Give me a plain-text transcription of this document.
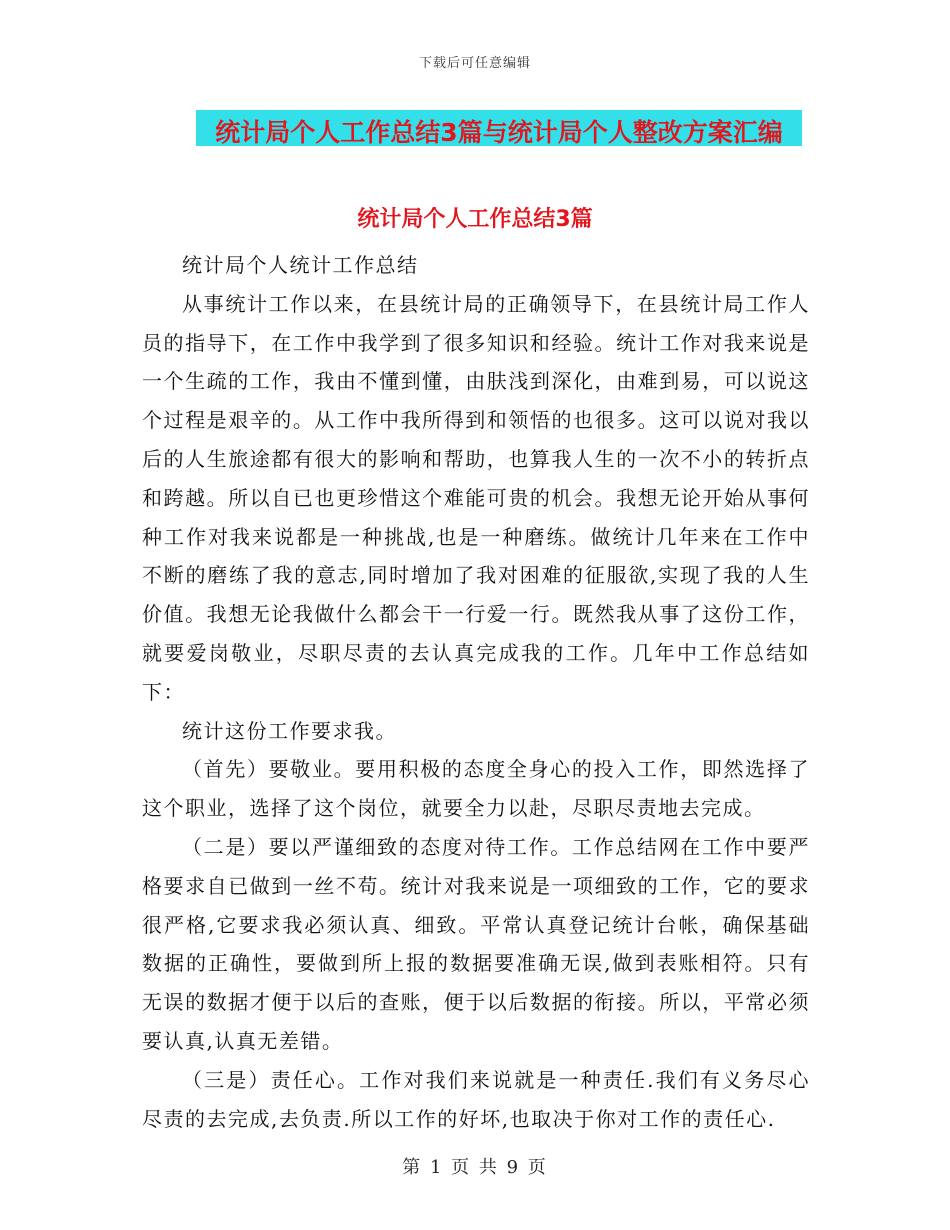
下载后可任意编辑
统计局个人工作总结3篇与统计局个人整改方案汇编
统计局个人工作总结3篇

统计局个人统计工作总结

从事统计工作以来，在县统计局的正确领导下，在县统计局工作人员的指导下，在工作中我学到了很多知识和经验。统计工作对我来说是一个生疏的工作，我由不懂到懂，由肤浅到深化，由难到易，可以说这个过程是艰辛的。从工作中我所得到和领悟的也很多。这可以说对我以后的人生旅途都有很大的影响和帮助，也算我人生的一次不小的转折点和跨越。所以自已也更珍惜这个难能可贵的机会。我想无论开始从事何种工作对我来说都是一种挑战,也是一种磨练。做统计几年来在工作中不断的磨练了我的意志,同时增加了我对困难的征服欲,实现了我的人生价值。我想无论我做什么都会干一行爱一行。既然我从事了这份工作，就要爱岗敬业，尽职尽责的去认真完成我的工作。几年中工作总结如下：

统计这份工作要求我。

（首先）要敬业。要用积极的态度全身心的投入工作，即然选择了这个职业，选择了这个岗位，就要全力以赴，尽职尽责地去完成。

（二是）要以严谨细致的态度对待工作。工作总结网在工作中要严格要求自已做到一丝不苟。统计对我来说是一项细致的工作，它的要求很严格,它要求我必须认真、细致。平常认真登记统计台帐，确保基础数据的正确性，要做到所上报的数据要准确无误,做到表账相符。只有无误的数据才便于以后的查账，便于以后数据的衔接。所以，平常必须要认真,认真无差错。

（三是）责任心。工作对我们来说就是一种责任.我们有义务尽心尽责的去完成,去负责.所以工作的好坏,也取决于你对工作的责任心.

第 1 页 共 9 页
